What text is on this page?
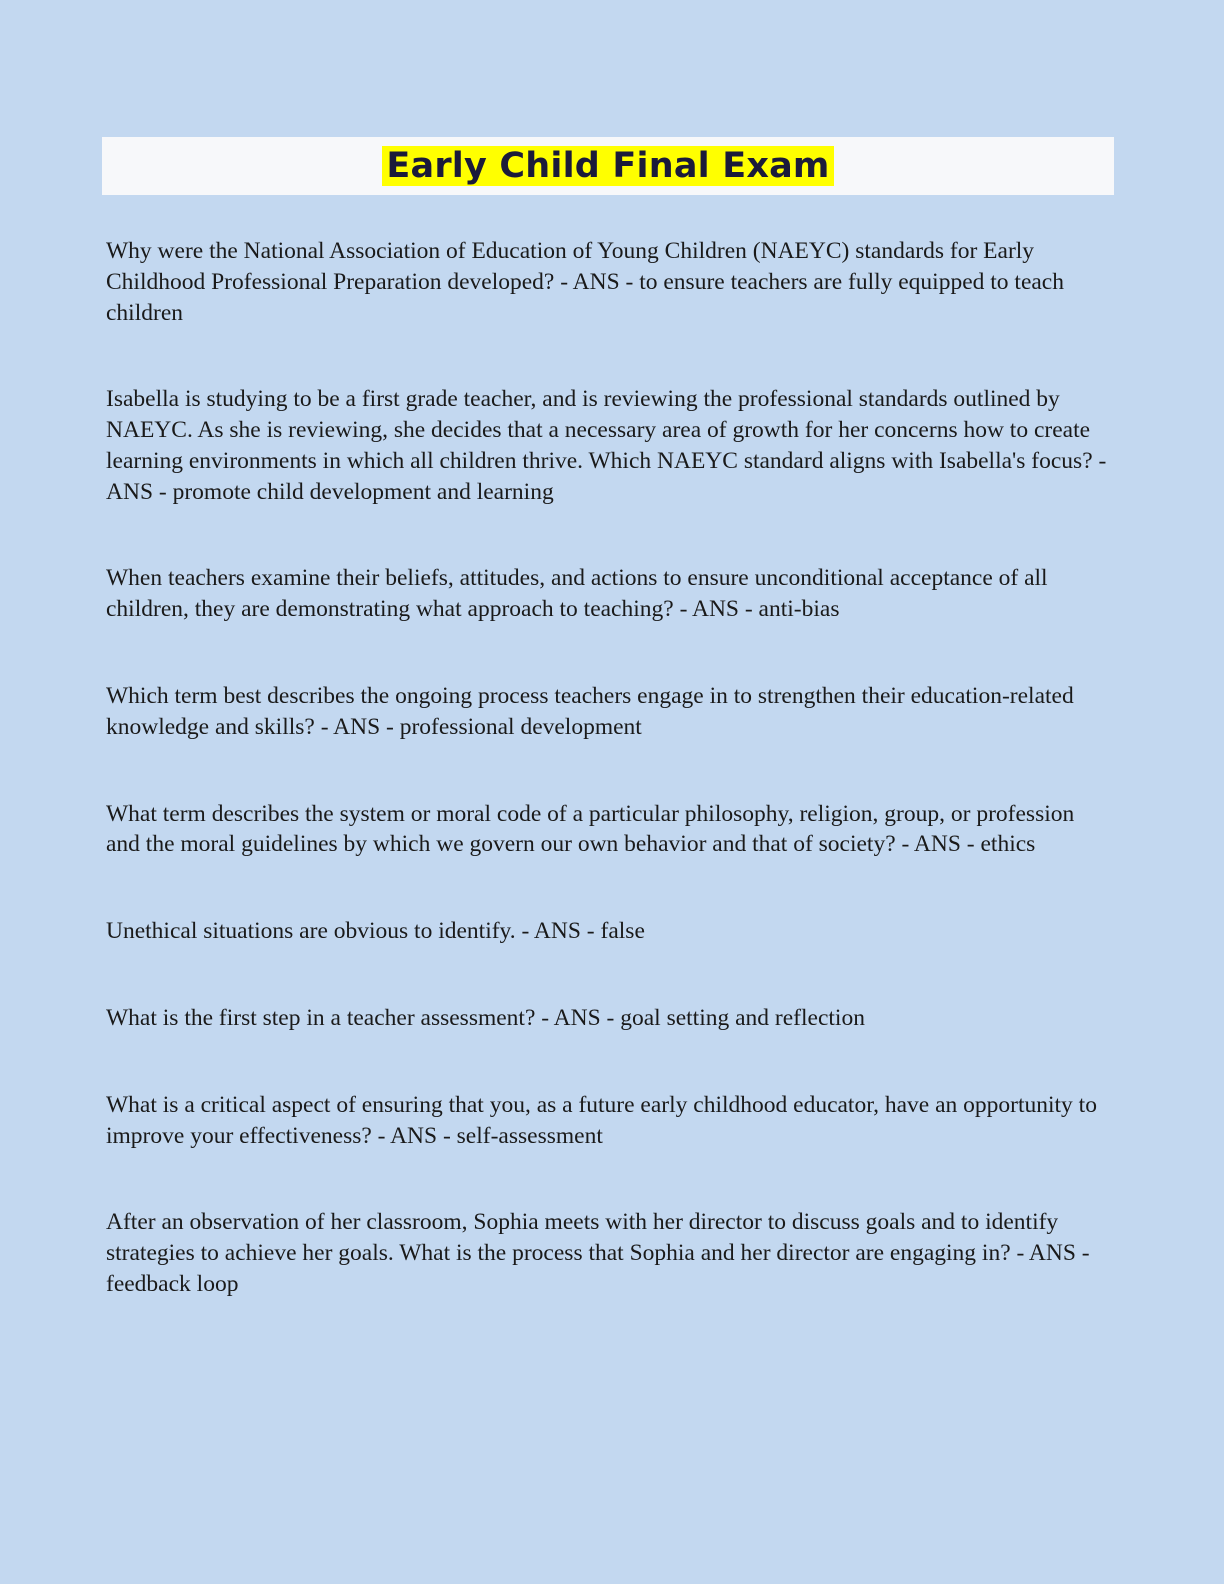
Early Child Final Exam

Why were the National Association of Education of Young Children (NAEYC) standards for Early Childhood Professional Preparation developed? - ANS - to ensure teachers are fully equipped to teach children

Isabella is studying to be a first grade teacher, and is reviewing the professional standards outlined by NAEYC. As she is reviewing, she decides that a necessary area of growth for her concerns how to create learning environments in which all children thrive. Which NAEYC standard aligns with Isabella's focus? - ANS - promote child development and learning

When teachers examine their beliefs, attitudes, and actions to ensure unconditional acceptance of all children, they are demonstrating what approach to teaching? - ANS - anti-bias

Which term best describes the ongoing process teachers engage in to strengthen their education-related knowledge and skills? - ANS - professional development

What term describes the system or moral code of a particular philosophy, religion, group, or profession and the moral guidelines by which we govern our own behavior and that of society? - ANS - ethics

Unethical situations are obvious to identify. - ANS - false

What is the first step in a teacher assessment? - ANS - goal setting and reflection

What is a critical aspect of ensuring that you, as a future early childhood educator, have an opportunity to improve your effectiveness? - ANS - self-assessment

After an observation of her classroom, Sophia meets with her director to discuss goals and to identify strategies to achieve her goals. What is the process that Sophia and her director are engaging in? - ANS - feedback loop
